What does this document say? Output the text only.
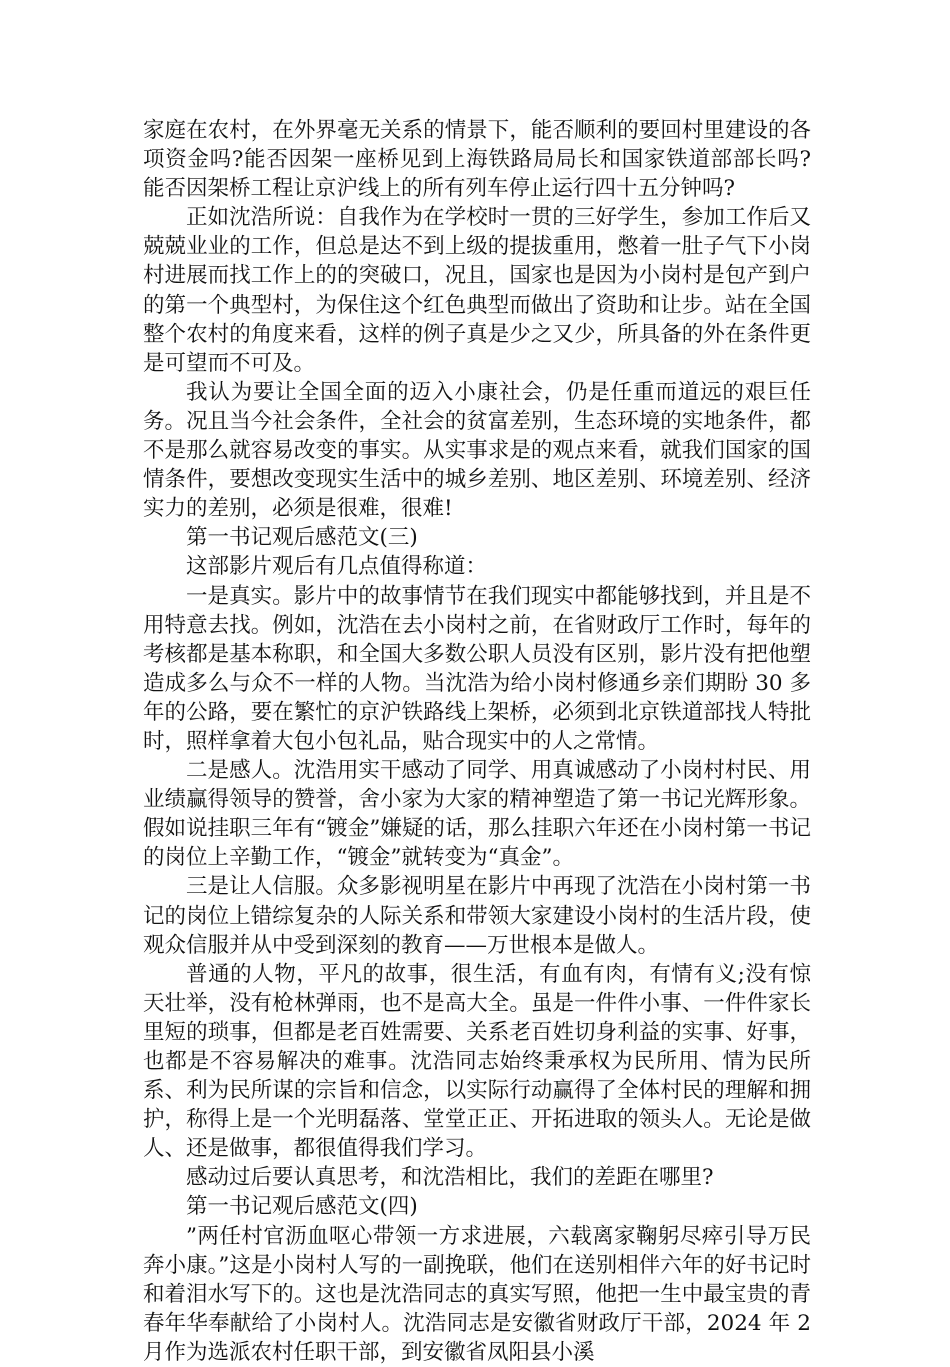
家庭在农村，在外界毫无关系的情景下，能否顺利的要回村里建设的各项资金吗?能否因架一座桥见到上海铁路局局长和国家铁道部部长吗?能否因架桥工程让京沪线上的所有列车停止运行四十五分钟吗?

正如沈浩所说：自我作为在学校时一贯的三好学生，参加工作后又兢兢业业的工作，但总是达不到上级的提拔重用，憋着一肚子气下小岗村进展而找工作上的的突破口，况且，国家也是因为小岗村是包产到户的第一个典型村，为保住这个红色典型而做出了资助和让步。站在全国整个农村的角度来看，这样的例子真是少之又少，所具备的外在条件更是可望而不可及。

我认为要让全国全面的迈入小康社会，仍是任重而道远的艰巨任务。况且当今社会条件，全社会的贫富差别，生态环境的实地条件，都不是那么就容易改变的事实。从实事求是的观点来看，就我们国家的国情条件，要想改变现实生活中的城乡差别、地区差别、环境差别、经济实力的差别，必须是很难，很难!

第一书记观后感范文(三)

这部影片观后有几点值得称道：

一是真实。影片中的故事情节在我们现实中都能够找到，并且是不用特意去找。例如，沈浩在去小岗村之前，在省财政厅工作时，每年的考核都是基本称职，和全国大多数公职人员没有区别，影片没有把他塑造成多么与众不一样的人物。当沈浩为给小岗村修通乡亲们期盼 30 多年的公路，要在繁忙的京沪铁路线上架桥，必须到北京铁道部找人特批时，照样拿着大包小包礼品，贴合现实中的人之常情。

二是感人。沈浩用实干感动了同学、用真诚感动了小岗村村民、用业绩赢得领导的赞誉，舍小家为大家的精神塑造了第一书记光辉形象。假如说挂职三年有“镀金”嫌疑的话，那么挂职六年还在小岗村第一书记的岗位上辛勤工作，“镀金”就转变为“真金”。

三是让人信服。众多影视明星在影片中再现了沈浩在小岗村第一书记的岗位上错综复杂的人际关系和带领大家建设小岗村的生活片段，使观众信服并从中受到深刻的教育——万世根本是做人。

普通的人物，平凡的故事，很生活，有血有肉，有情有义;没有惊天壮举，没有枪林弹雨，也不是高大全。虽是一件件小事、一件件家长里短的琐事，但都是老百姓需要、关系老百姓切身利益的实事、好事，也都是不容易解决的难事。沈浩同志始终秉承权为民所用、情为民所系、利为民所谋的宗旨和信念，以实际行动赢得了全体村民的理解和拥护，称得上是一个光明磊落、堂堂正正、开拓进取的领头人。无论是做人、还是做事，都很值得我们学习。

感动过后要认真思考，和沈浩相比，我们的差距在哪里?

第一书记观后感范文(四)

”两任村官沥血呕心带领一方求进展，六载离家鞠躬尽瘁引导万民奔小康。”这是小岗村人写的一副挽联，他们在送别相伴六年的好书记时和着泪水写下的。这也是沈浩同志的真实写照，他把一生中最宝贵的青春年华奉献给了小岗村人。沈浩同志是安徽省财政厅干部，2024 年 2 月作为选派农村任职干部，到安徽省凤阳县小溪
